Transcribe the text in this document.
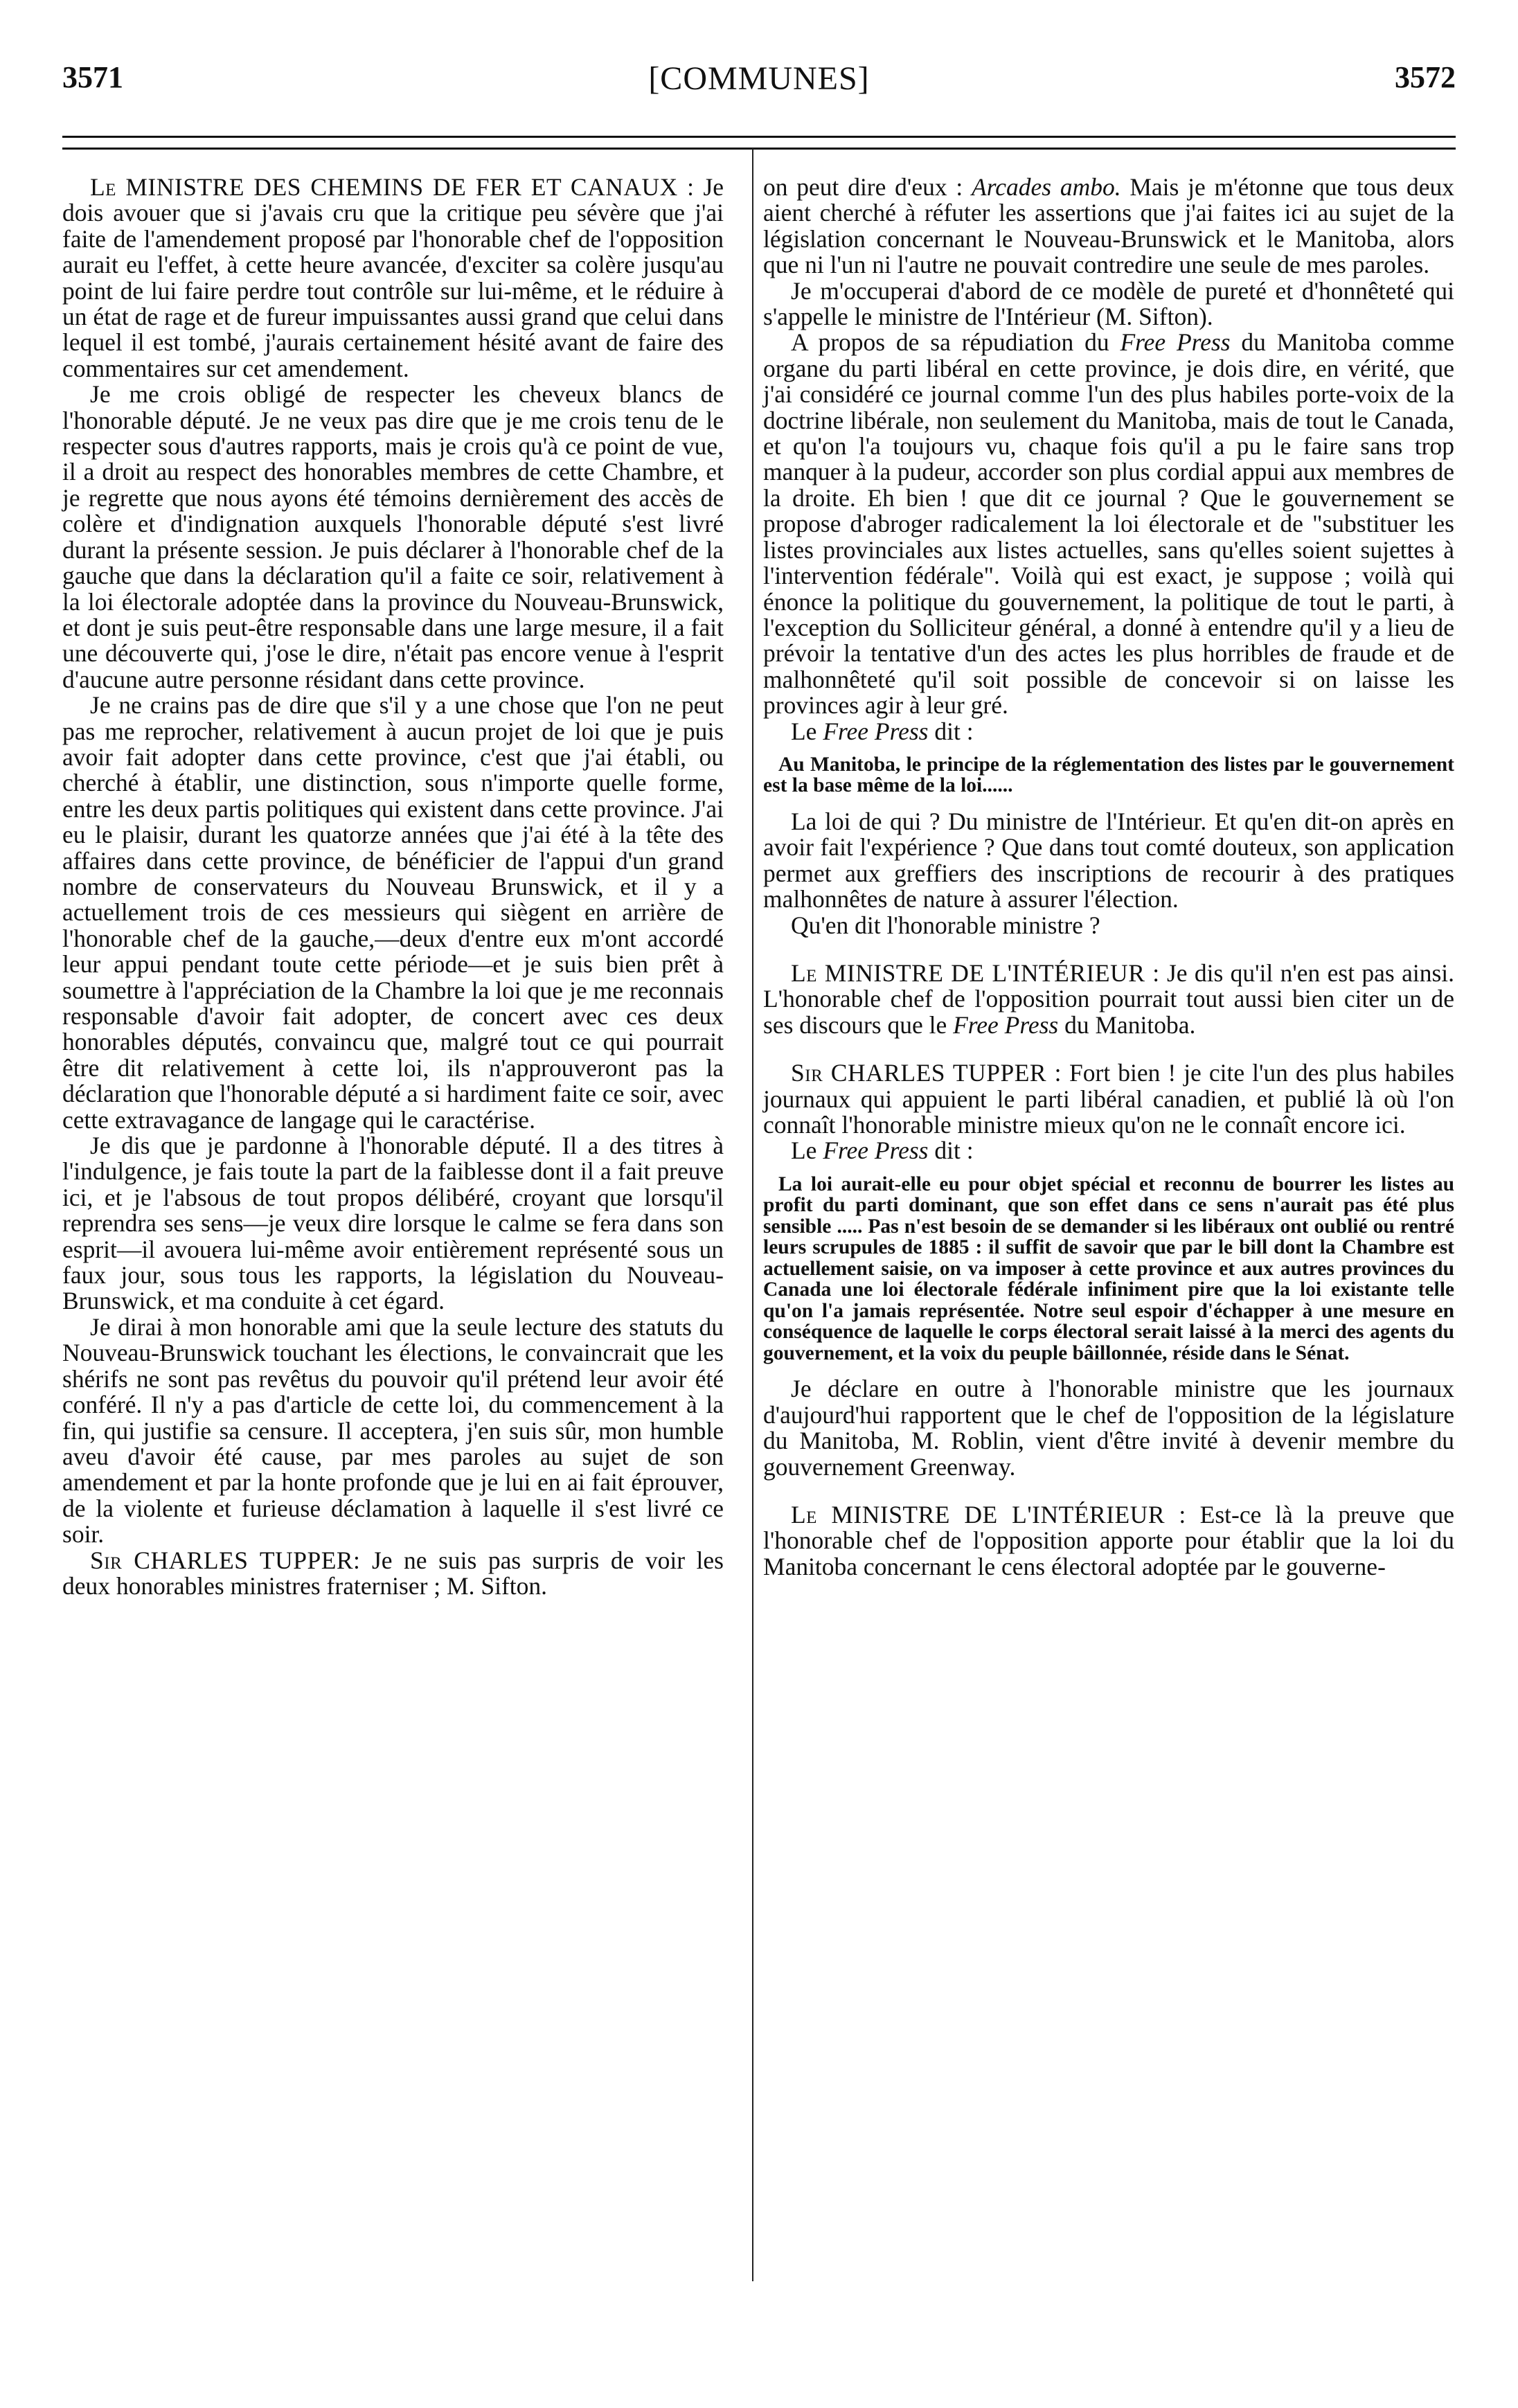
3571	[COMMUNES]	3572

Le MINISTRE DES CHEMINS DE FER ET CANAUX : Je dois avouer que si j'avais cru que la critique peu sévère que j'ai faite de l'amendement proposé par l'honorable chef de l'opposition aurait eu l'effet, à cette heure avancée, d'exciter sa colère jusqu'au point de lui faire perdre tout contrôle sur lui-même, et le réduire à un état de rage et de fureur impuissantes aussi grand que celui dans lequel il est tombé, j'aurais certainement hésité avant de faire des commentaires sur cet amendement.

Je me crois obligé de respecter les cheveux blancs de l'honorable député. Je ne veux pas dire que je me crois tenu de le respecter sous d'autres rapports, mais je crois qu'à ce point de vue, il a droit au respect des honorables membres de cette Chambre, et je regrette que nous ayons été témoins dernièrement des accès de colère et d'indignation auxquels l'honorable député s'est livré durant la présente session. Je puis déclarer à l'honorable chef de la gauche que dans la déclaration qu'il a faite ce soir, relativement à la loi électorale adoptée dans la province du Nouveau-Brunswick, et dont je suis peut-être responsable dans une large mesure, il a fait une découverte qui, j'ose le dire, n'était pas encore venue à l'esprit d'aucune autre personne résidant dans cette province.

Je ne crains pas de dire que s'il y a une chose que l'on ne peut pas me reprocher, relativement à aucun projet de loi que je puis avoir fait adopter dans cette province, c'est que j'ai établi, ou cherché à établir, une distinction, sous n'importe quelle forme, entre les deux partis politiques qui existent dans cette province. J'ai eu le plaisir, durant les quatorze années que j'ai été à la tête des affaires dans cette province, de bénéficier de l'appui d'un grand nombre de conservateurs du Nouveau Brunswick, et il y a actuellement trois de ces messieurs qui siègent en arrière de l'honorable chef de la gauche,—deux d'entre eux m'ont accordé leur appui pendant toute cette période—et je suis bien prêt à soumettre à l'appréciation de la Chambre la loi que je me reconnais responsable d'avoir fait adopter, de concert avec ces deux honorables députés, convaincu que, malgré tout ce qui pourrait être dit relativement à cette loi, ils n'approuveront pas la déclaration que l'honorable député a si hardiment faite ce soir, avec cette extravagance de langage qui le caractérise.

Je dis que je pardonne à l'honorable député. Il a des titres à l'indulgence, je fais toute la part de la faiblesse dont il a fait preuve ici, et je l'absous de tout propos délibéré, croyant que lorsqu'il reprendra ses sens—je veux dire lorsque le calme se fera dans son esprit—il avouera lui-même avoir entièrement représenté sous un faux jour, sous tous les rapports, la législation du Nouveau-Brunswick, et ma conduite à cet égard.

Je dirai à mon honorable ami que la seule lecture des statuts du Nouveau-Brunswick touchant les élections, le convaincrait que les shérifs ne sont pas revêtus du pouvoir qu'il prétend leur avoir été conféré. Il n'y a pas d'article de cette loi, du commencement à la fin, qui justifie sa censure. Il acceptera, j'en suis sûr, mon humble aveu d'avoir été cause, par mes paroles au sujet de son amendement et par la honte profonde que je lui en ai fait éprouver, de la violente et furieuse déclamation à laquelle il s'est livré ce soir.

Sir CHARLES TUPPER: Je ne suis pas surpris de voir les deux honorables ministres fraterniser ; M. Sifton.

on peut dire d'eux : Arcades ambo. Mais je m'étonne que tous deux aient cherché à réfuter les assertions que j'ai faites ici au sujet de la législation concernant le Nouveau-Brunswick et le Manitoba, alors que ni l'un ni l'autre ne pouvait contredire une seule de mes paroles.

Je m'occuperai d'abord de ce modèle de pureté et d'honnêteté qui s'appelle le ministre de l'Intérieur (M. Sifton).

A propos de sa répudiation du Free Press du Manitoba comme organe du parti libéral en cette province, je dois dire, en vérité, que j'ai considéré ce journal comme l'un des plus habiles porte-voix de la doctrine libérale, non seulement du Manitoba, mais de tout le Canada, et qu'on l'a toujours vu, chaque fois qu'il a pu le faire sans trop manquer à la pudeur, accorder son plus cordial appui aux membres de la droite. Eh bien ! que dit ce journal ? Que le gouvernement se propose d'abroger radicalement la loi électorale et de "substituer les listes provinciales aux listes actuelles, sans qu'elles soient sujettes à l'intervention fédérale". Voilà qui est exact, je suppose ; voilà qui énonce la politique du gouvernement, la politique de tout le parti, à l'exception du Solliciteur général, a donné à entendre qu'il y a lieu de prévoir la tentative d'un des actes les plus horribles de fraude et de malhonnêteté qu'il soit possible de concevoir si on laisse les provinces agir à leur gré.

Le Free Press dit :

Au Manitoba, le principe de la réglementation des listes par le gouvernement est la base même de la loi......

La loi de qui ? Du ministre de l'Intérieur. Et qu'en dit-on après en avoir fait l'expérience ? Que dans tout comté douteux, son application permet aux greffiers des inscriptions de recourir à des pratiques malhonnêtes de nature à assurer l'élection.

Qu'en dit l'honorable ministre ?

Le MINISTRE DE L'INTÉRIEUR : Je dis qu'il n'en est pas ainsi. L'honorable chef de l'opposition pourrait tout aussi bien citer un de ses discours que le Free Press du Manitoba.

Sir CHARLES TUPPER : Fort bien ! je cite l'un des plus habiles journaux qui appuient le parti libéral canadien, et publié là où l'on connaît l'honorable ministre mieux qu'on ne le connaît encore ici.

Le Free Press dit :

La loi aurait-elle eu pour objet spécial et reconnu de bourrer les listes au profit du parti dominant, que son effet dans ce sens n'aurait pas été plus sensible ..... Pas n'est besoin de se demander si les libéraux ont oublié ou rentré leurs scrupules de 1885 : il suffit de savoir que par le bill dont la Chambre est actuellement saisie, on va imposer à cette province et aux autres provinces du Canada une loi électorale fédérale infiniment pire que la loi existante telle qu'on l'a jamais représentée. Notre seul espoir d'échapper à une mesure en conséquence de laquelle le corps électoral serait laissé à la merci des agents du gouvernement, et la voix du peuple bâillonnée, réside dans le Sénat.

Je déclare en outre à l'honorable ministre que les journaux d'aujourd'hui rapportent que le chef de l'opposition de la législature du Manitoba, M. Roblin, vient d'être invité à devenir membre du gouvernement Greenway.

Le MINISTRE DE L'INTÉRIEUR : Est-ce là la preuve que l'honorable chef de l'opposition apporte pour établir que la loi du Manitoba concernant le cens électoral adoptée par le gouverne-
